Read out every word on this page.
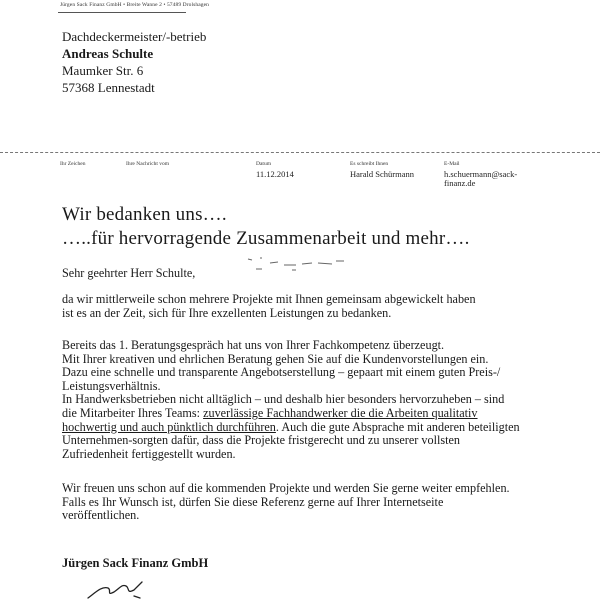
Jürgen Sack Finanz GmbH • Breite Wanne 2 • 57489 Drolshagen
Dachdeckermeister/-betrieb
Andreas Schulte
Maumker Str. 6
57368 Lennestadt
Ihr Zeichen	Ihre Nachricht vom	Datum
11.12.2014
Es schreibt Ihnen
Harald Schürmann
E-Mail
h.schuermann@sack-
finanz.de
Wir bedanken uns….
…..für hervorragende Zusammenarbeit und mehr….
Sehr geehrter Herr Schulte,
da wir mittlerweile schon mehrere Projekte mit Ihnen gemeinsam abgewickelt haben
ist es an der Zeit, sich für Ihre exzellenten Leistungen zu bedanken.
Bereits das 1. Beratungsgespräch hat uns von Ihrer Fachkompetenz überzeugt.
Mit Ihrer kreativen und ehrlichen Beratung gehen Sie auf die Kundenvorstellungen ein.
Dazu eine schnelle und transparente Angebotserstellung – gepaart mit einem guten Preis-/
Leistungsverhältnis.
In Handwerksbetrieben nicht alltäglich – und deshalb hier besonders hervorzuheben – sind
die Mitarbeiter Ihres Teams: zuverlässige Fachhandwerker die die Arbeiten qualitativ
hochwertig und auch pünktlich durchführen. Auch die gute Absprache mit anderen beteiligten
Unternehmen-sorgten dafür, dass die Projekte fristgerecht und zu unserer vollsten
Zufriedenheit fertiggestellt wurden.
Wir freuen uns schon auf die kommenden Projekte und werden Sie gerne weiter empfehlen.
Falls es Ihr Wunsch ist, dürfen Sie diese Referenz gerne auf Ihrer Internetseite
veröffentlichen.
Jürgen Sack Finanz GmbH
